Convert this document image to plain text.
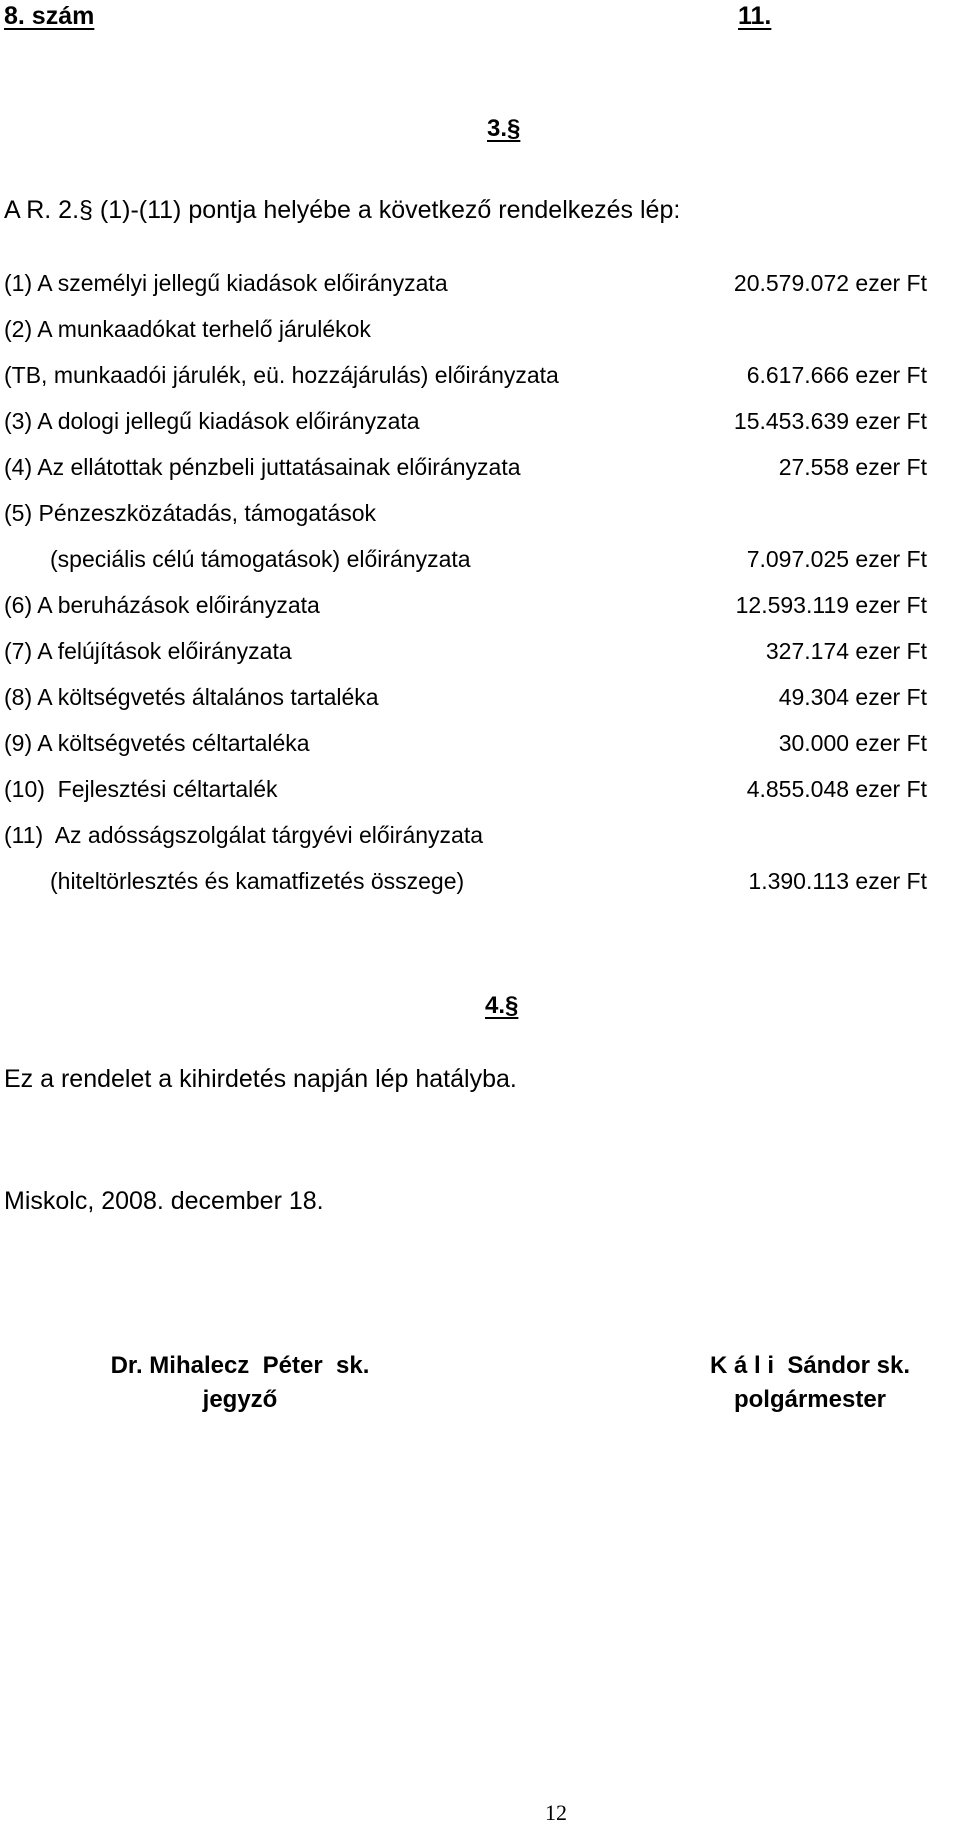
8. szám	11.
3.§
A R. 2.§ (1)-(11) pontja helyébe a következő rendelkezés lép:
(1) A személyi jellegű kiadások előirányzata	20.579.072 ezer Ft
(2) A munkaadókat terhelő járulékok
(TB, munkaadói járulék, eü. hozzájárulás) előirányzata	6.617.666 ezer Ft
(3) A dologi jellegű kiadások előirányzata	15.453.639 ezer Ft
(4) Az ellátottak pénzbeli juttatásainak előirányzata	27.558 ezer Ft
(5) Pénzeszközátadás, támogatások
(speciális célú támogatások) előirányzata	7.097.025 ezer Ft
(6) A beruházások előirányzata	12.593.119 ezer Ft
(7) A felújítások előirányzata	327.174 ezer Ft
(8) A költségvetés általános tartaléka	49.304 ezer Ft
(9) A költségvetés céltartaléka	30.000 ezer Ft
(10)  Fejlesztési céltartalék	4.855.048 ezer Ft
(11)  Az adósságszolgálat tárgyévi előirányzata
(hiteltörlesztés és kamatfizetés összege)	1.390.113 ezer Ft
4.§
Ez a rendelet a kihirdetés napján lép hatályba.
Miskolc, 2008. december 18.
Dr. Mihalecz  Péter  sk.
jegyző
K á l i  Sándor sk.
polgármester
12
